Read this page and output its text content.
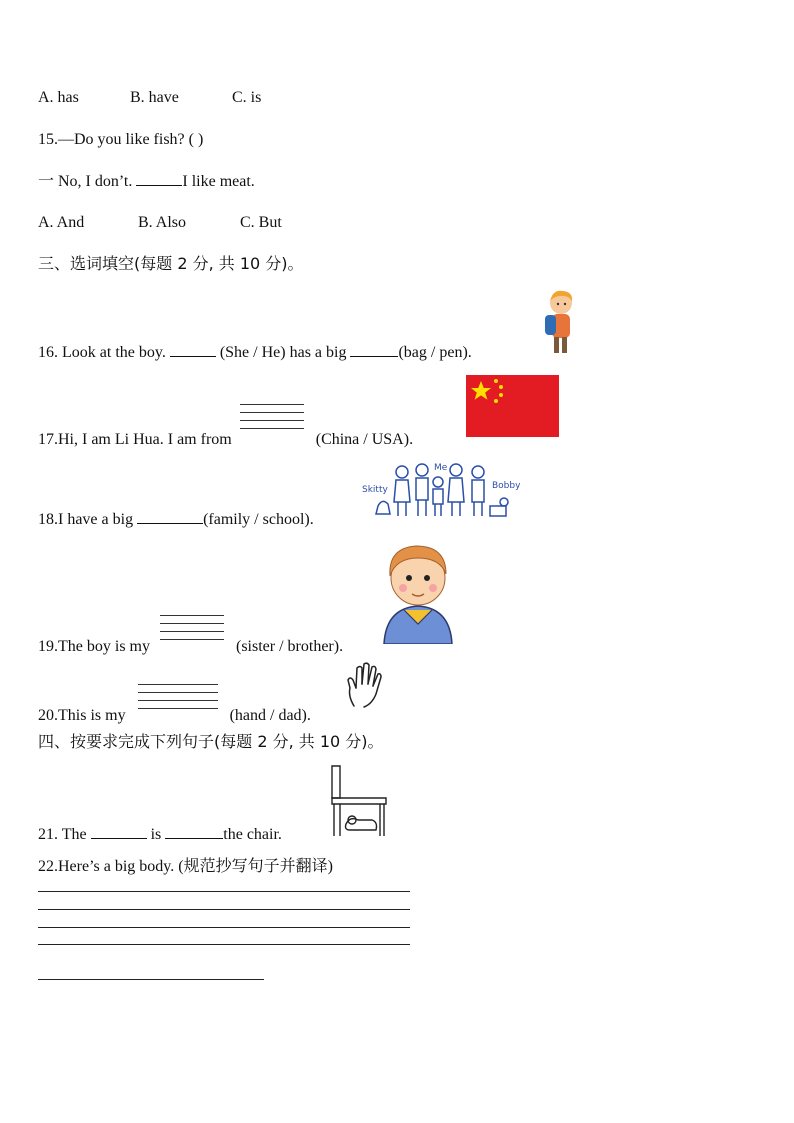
A. has	B. have	C. is
15.—Do you like fish? ( )
一 No, I don’t.	I like meat.
A. And	B. Also	C. But
三、选词填空(每题 2 分, 共 10 分)。
16. Look at the boy.	(She / He) has a big	(bag / pen).
17.Hi, I am Li Hua. I am from	(China / USA).
18.I have a big	(family / school).
Skitty
Me
Bobby
19.The boy is my	(sister / brother).
20.This is my	(hand / dad).
四、按要求完成下列句子(每题 2 分, 共 10 分)。
21. The	is	the chair.
22.Here’s a big body. (规范抄写句子并翻译)
